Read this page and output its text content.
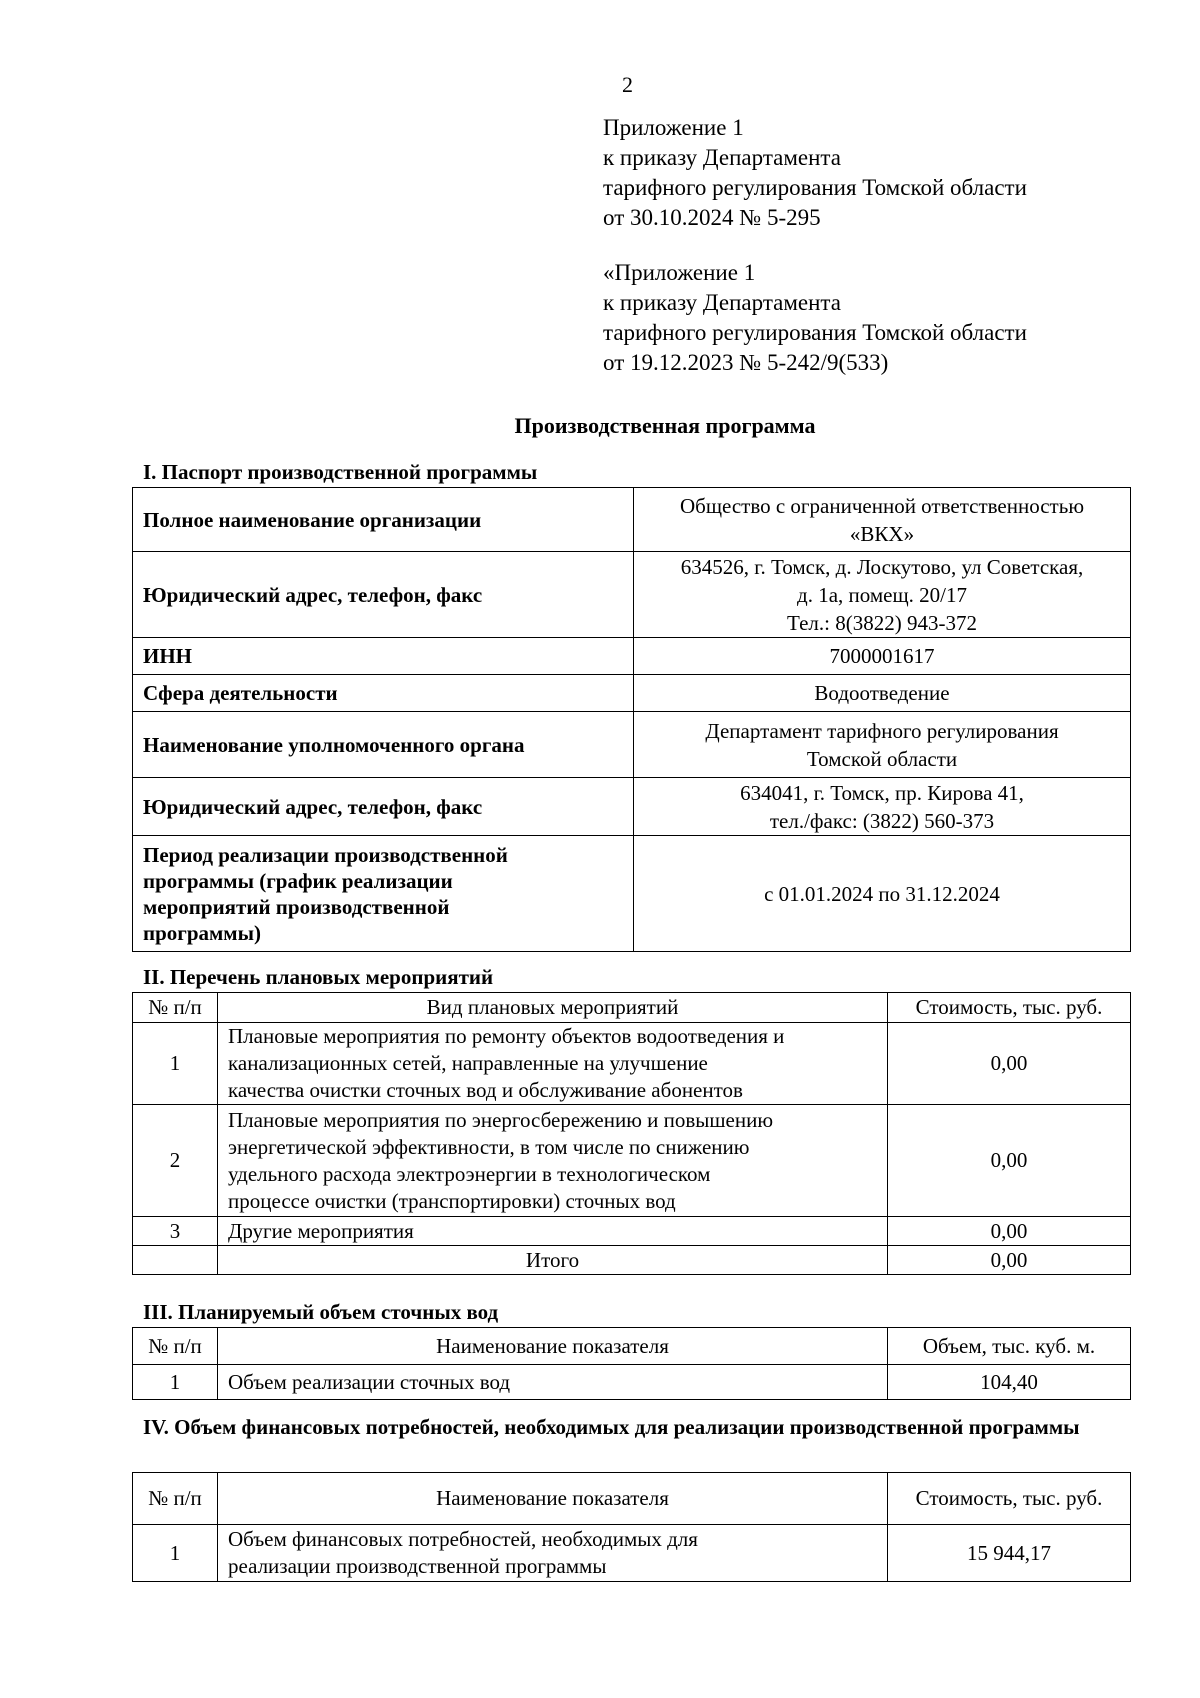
2
Приложение 1
к приказу Департамента
тарифного регулирования Томской области
от 30.10.2024 № 5-295
«Приложение 1
к приказу Департамента
тарифного регулирования Томской области
от 19.12.2023 № 5-242/9(533)
Производственная программа
I. Паспорт производственной программы
Полное наименование организации	Общество с ограниченной ответственностью
«ВКХ»

Юридический адрес, телефон, факс	634526, г. Томск, д. Лоскутово, ул Советская,
д. 1а, помещ. 20/17
Тел.: 8(3822) 943-372

ИНН	7000001617
Сфера деятельности	Водоотведение
Наименование уполномоченного органа	Департамент тарифного регулирования
Томской области

Юридический адрес, телефон, факс	634041, г. Томск, пр. Кирова 41,
тел./факс: (3822) 560-373

Период реализации производственной
программы (график реализации
мероприятий производственной
программы)	с 01.01.2024 по 31.12.2024
II. Перечень плановых мероприятий
№ п/п	Вид плановых мероприятий	Стоимость, тыс. руб.
1	Плановые мероприятия по ремонту объектов водоотведения и
канализационных сетей, направленные на улучшение
качества очистки сточных вод и обслуживание абонентов	0,00
2	Плановые мероприятия по энергосбережению и повышению
энергетической эффективности, в том числе по снижению
удельного расхода электроэнергии в технологическом
процессе очистки (транспортировки) сточных вод	0,00
3	Другие мероприятия	0,00
	Итого	0,00
III. Планируемый объем сточных вод
№ п/п	Наименование показателя	Объем, тыс. куб. м.
1	Объем реализации сточных вод	104,40
IV. Объем финансовых потребностей, необходимых для реализации производственной программы
№ п/п	Наименование показателя	Стоимость, тыс. руб.
1	Объем финансовых потребностей, необходимых для
реализации производственной программы	15 944,17
